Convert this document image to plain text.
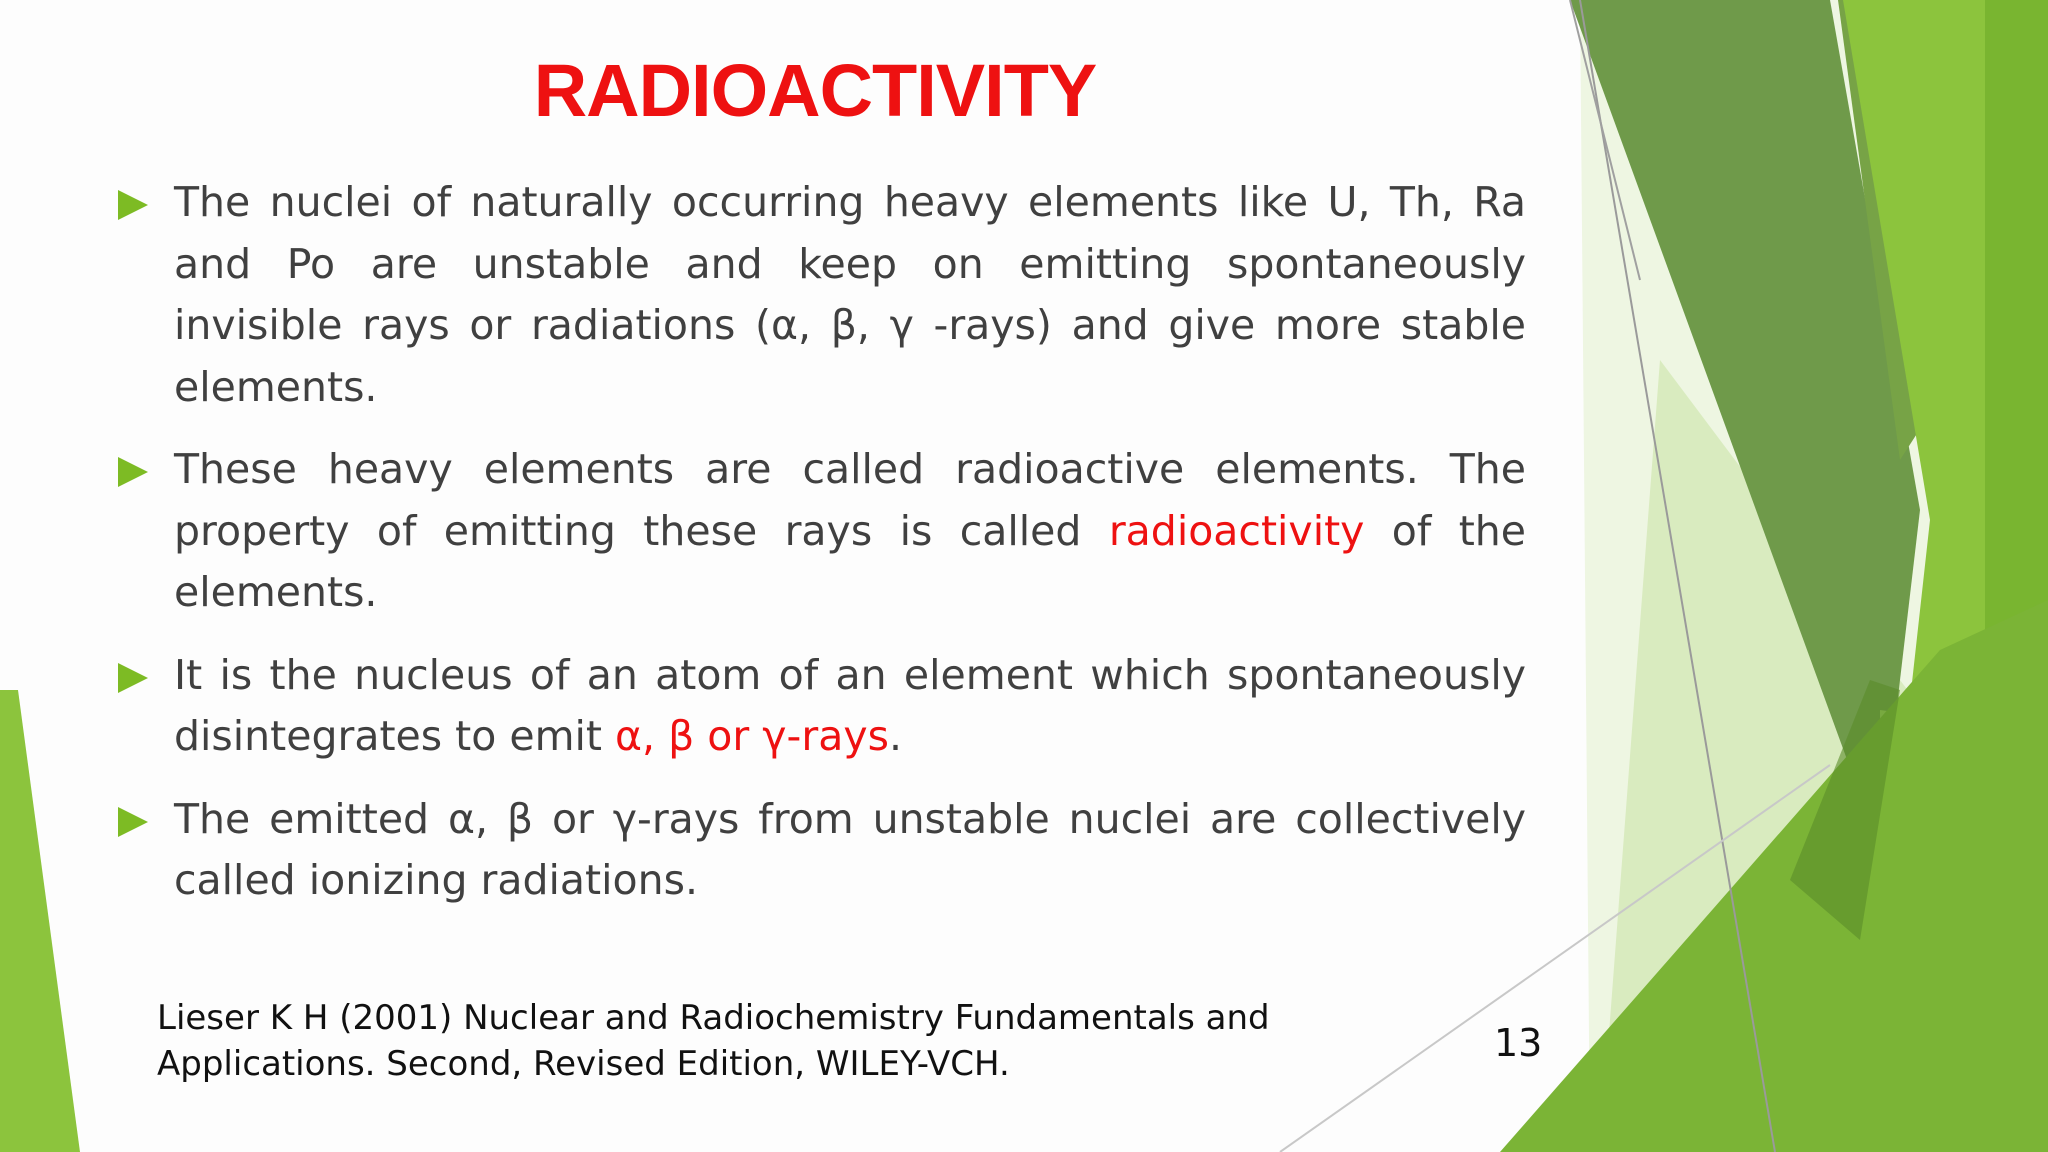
RADIOACTIVITY
The nuclei of naturally occurring heavy elements like U, Th, Ra and Po are unstable and keep on emitting spontaneously invisible rays or radiations (α, β, γ -rays) and give more stable elements.
These heavy elements are called radioactive elements. The property of emitting these rays is called radioactivity of the elements.
It is the nucleus of an atom of an element which spontaneously disintegrates to emit α, β or γ-rays.
The emitted α, β or γ-rays from unstable nuclei are collectively called ionizing radiations.
Lieser K H (2001) Nuclear and Radiochemistry Fundamentals and
Applications. Second, Revised Edition, WILEY-VCH.	13
